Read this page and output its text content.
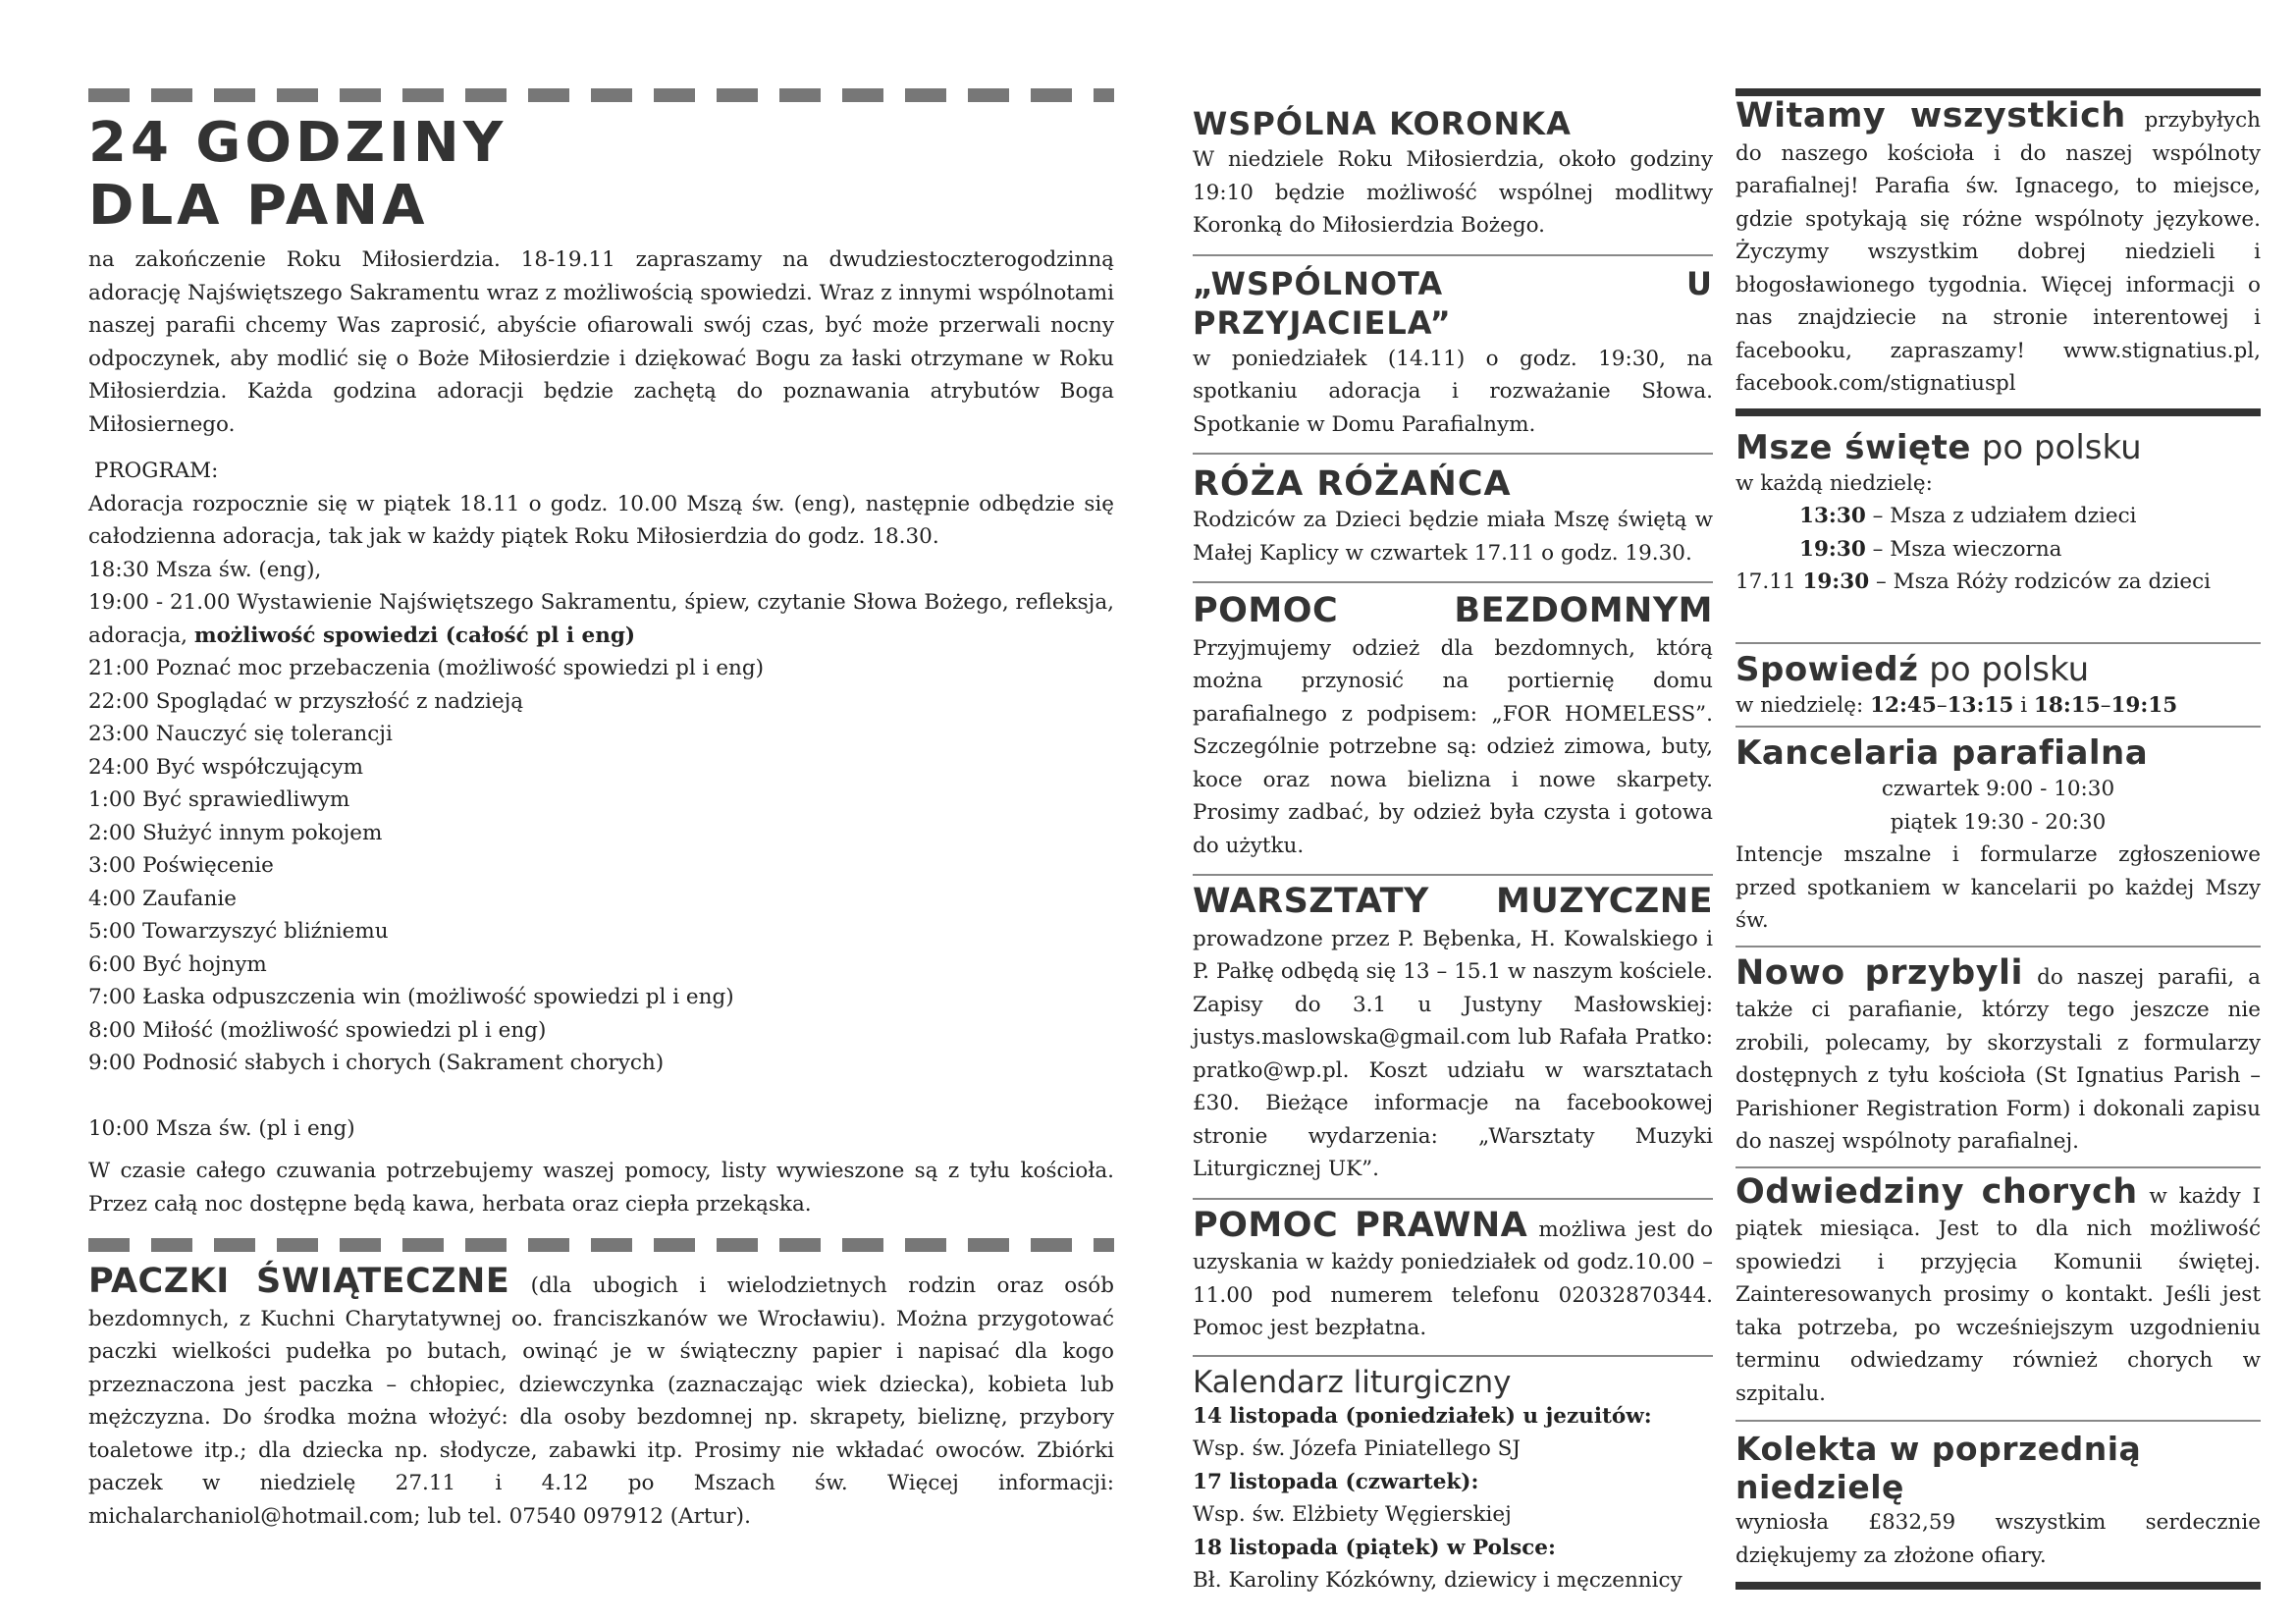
24 GODZINY
DLA PANA

na zakończenie Roku Miłosierdzia. 18-19.11 zapraszamy na dwudziestoczterogodzinną adorację Najświętszego Sakramentu wraz z możliwością spowiedzi. Wraz z innymi wspólnotami naszej parafii chcemy Was zaprosić, abyście ofiarowali swój czas, być może przerwali nocny odpoczynek, aby modlić się o Boże Miłosierdzie i dziękować Bogu za łaski otrzymane w Roku Miłosierdzia. Każda godzina adoracji będzie zachętą do poznawania atrybutów Boga Miłosiernego.

PROGRAM:

Adoracja rozpocznie się w piątek 18.11 o godz. 10.00 Mszą św. (eng), następnie odbędzie się całodzienna adoracja, tak jak w każdy piątek Roku Miłosierdzia do godz. 18.30.

18:30 Msza św. (eng),

19:00 - 21.00 Wystawienie Najświętszego Sakramentu, śpiew, czytanie Słowa Bożego, refleksja, adoracja, możliwość spowiedzi (całość pl i eng)

21:00 Poznać moc przebaczenia (możliwość spowiedzi pl i eng)
22:00 Spoglądać w przyszłość z nadzieją
23:00 Nauczyć się tolerancji
24:00 Być współczującym
1:00 Być sprawiedliwym
2:00 Służyć innym pokojem
3:00 Poświęcenie
4:00 Zaufanie
5:00 Towarzyszyć bliźniemu
6:00 Być hojnym
7:00 Łaska odpuszczenia win (możliwość spowiedzi pl i eng)
8:00 Miłość (możliwość spowiedzi pl i eng)
9:00 Podnosić słabych i chorych (Sakrament chorych)
10:00 Msza św. (pl i eng)

W czasie całego czuwania potrzebujemy waszej pomocy, listy wywieszone są z tyłu kościoła. Przez całą noc dostępne będą kawa, herbata oraz ciepła przekąska.

PACZKI ŚWIĄTECZNE (dla ubogich i wielodzietnych rodzin oraz osób bezdomnych, z Kuchni Charytatywnej oo. franciszkanów we Wrocławiu). Można przygotować paczki wielkości pudełka po butach, owinąć je w świąteczny papier i napisać dla kogo przeznaczona jest paczka – chłopiec, dziewczynka (zaznaczając wiek dziecka), kobieta lub mężczyzna. Do środka można włożyć: dla osoby bezdomnej np. skrapety, bieliznę, przybory toaletowe itp.; dla dziecka np. słodycze, zabawki itp. Prosimy nie wkładać owoców. Zbiórki paczek w niedzielę 27.11 i 4.12 po Mszach św. Więcej informacji: michalarchaniol@hotmail.com; lub tel. 07540 097912 (Artur).

WSPÓLNA KORONKA

W niedziele Roku Miłosierdzia, około godziny 19:10 będzie możliwość wspólnej modlitwy Koronką do Miłosierdzia Bożego.

„WSPÓLNOTA U PRZYJACIELA”

w poniedziałek (14.11) o godz. 19:30, na spotkaniu adoracja i rozważanie Słowa. Spotkanie w Domu Parafialnym.

RÓŻA RÓŻAŃCA

Rodziców za Dzieci będzie miała Mszę świętą w Małej Kaplicy w czwartek 17.11 o godz. 19.30.

POMOC BEZDOMNYM Przyjmujemy odzież dla bezdomnych, którą można przynosić na portiernię domu parafialnego z podpisem: „FOR HOMELESS”. Szczególnie potrzebne są: odzież zimowa, buty, koce oraz nowa bielizna i nowe skarpety. Prosimy zadbać, by odzież była czysta i gotowa do użytku.

WARSZTATY MUZYCZNE prowadzone przez P. Bębenka, H. Kowalskiego i P. Pałkę odbędą się 13 – 15.1 w naszym kościele. Zapisy do 3.1 u Justyny Masłowskiej: justys.maslowska@gmail.com lub Rafała Pratko: pratko@wp.pl. Koszt udziału w warsztatach £30. Bieżące informacje na facebookowej stronie wydarzenia: „Warsztaty Muzyki Liturgicznej UK”.

POMOC PRAWNA możliwa jest do uzyskania w każdy poniedziałek od godz.10.00 – 11.00 pod numerem telefonu 02032870344. Pomoc jest bezpłatna.

Kalendarz liturgiczny
14 listopada (poniedziałek) u jezuitów:
Wsp. św. Józefa Piniatellego SJ
17 listopada (czwartek):
Wsp. św. Elżbiety Węgierskiej
18 listopada (piątek) w Polsce:
Bł. Karoliny Kózkówny, dziewicy i męczennicy

Witamy wszystkich przybyłych do naszego kościoła i do naszej wspólnoty parafialnej! Parafia św. Ignacego, to miejsce, gdzie spotykają się różne wspólnoty językowe. Życzymy wszystkim dobrej niedzieli i błogosławionego tygodnia. Więcej informacji o nas znajdziecie na stronie interentowej i facebooku, zapraszamy! www.stignatius.pl, facebook.com/stignatiuspl

Msze święte po polsku
w każdą niedzielę:
13:30 – Msza z udziałem dzieci
19:30 – Msza wieczorna
17.11 19:30 – Msza Róży rodziców za dzieci
Spowiedź po polsku
w niedzielę: 12:45–13:15 i 18:15–19:15
Kancelaria parafialna
czwartek 9:00 - 10:30
piątek 19:30 - 20:30

Intencje mszalne i formularze zgłoszeniowe przed spotkaniem w kancelarii po każdej Mszy św.

Nowo przybyli do naszej parafii, a także ci parafianie, którzy tego jeszcze nie zrobili, polecamy, by skorzystali z formularzy dostępnych z tyłu kościoła (St Ignatius Parish – Parishioner Registration Form) i dokonali zapisu do naszej wspólnoty parafialnej.

Odwiedziny chorych w każdy I piątek miesiąca. Jest to dla nich możliwość spowiedzi i przyjęcia Komunii świętej. Zainteresowanych prosimy o kontakt. Jeśli jest taka potrzeba, po wcześniejszym uzgodnieniu terminu odwiedzamy również chorych w szpitalu.

Kolekta w poprzednią niedzielę

wyniosła £832,59 wszystkim serdecznie dziękujemy za złożone ofiary.
